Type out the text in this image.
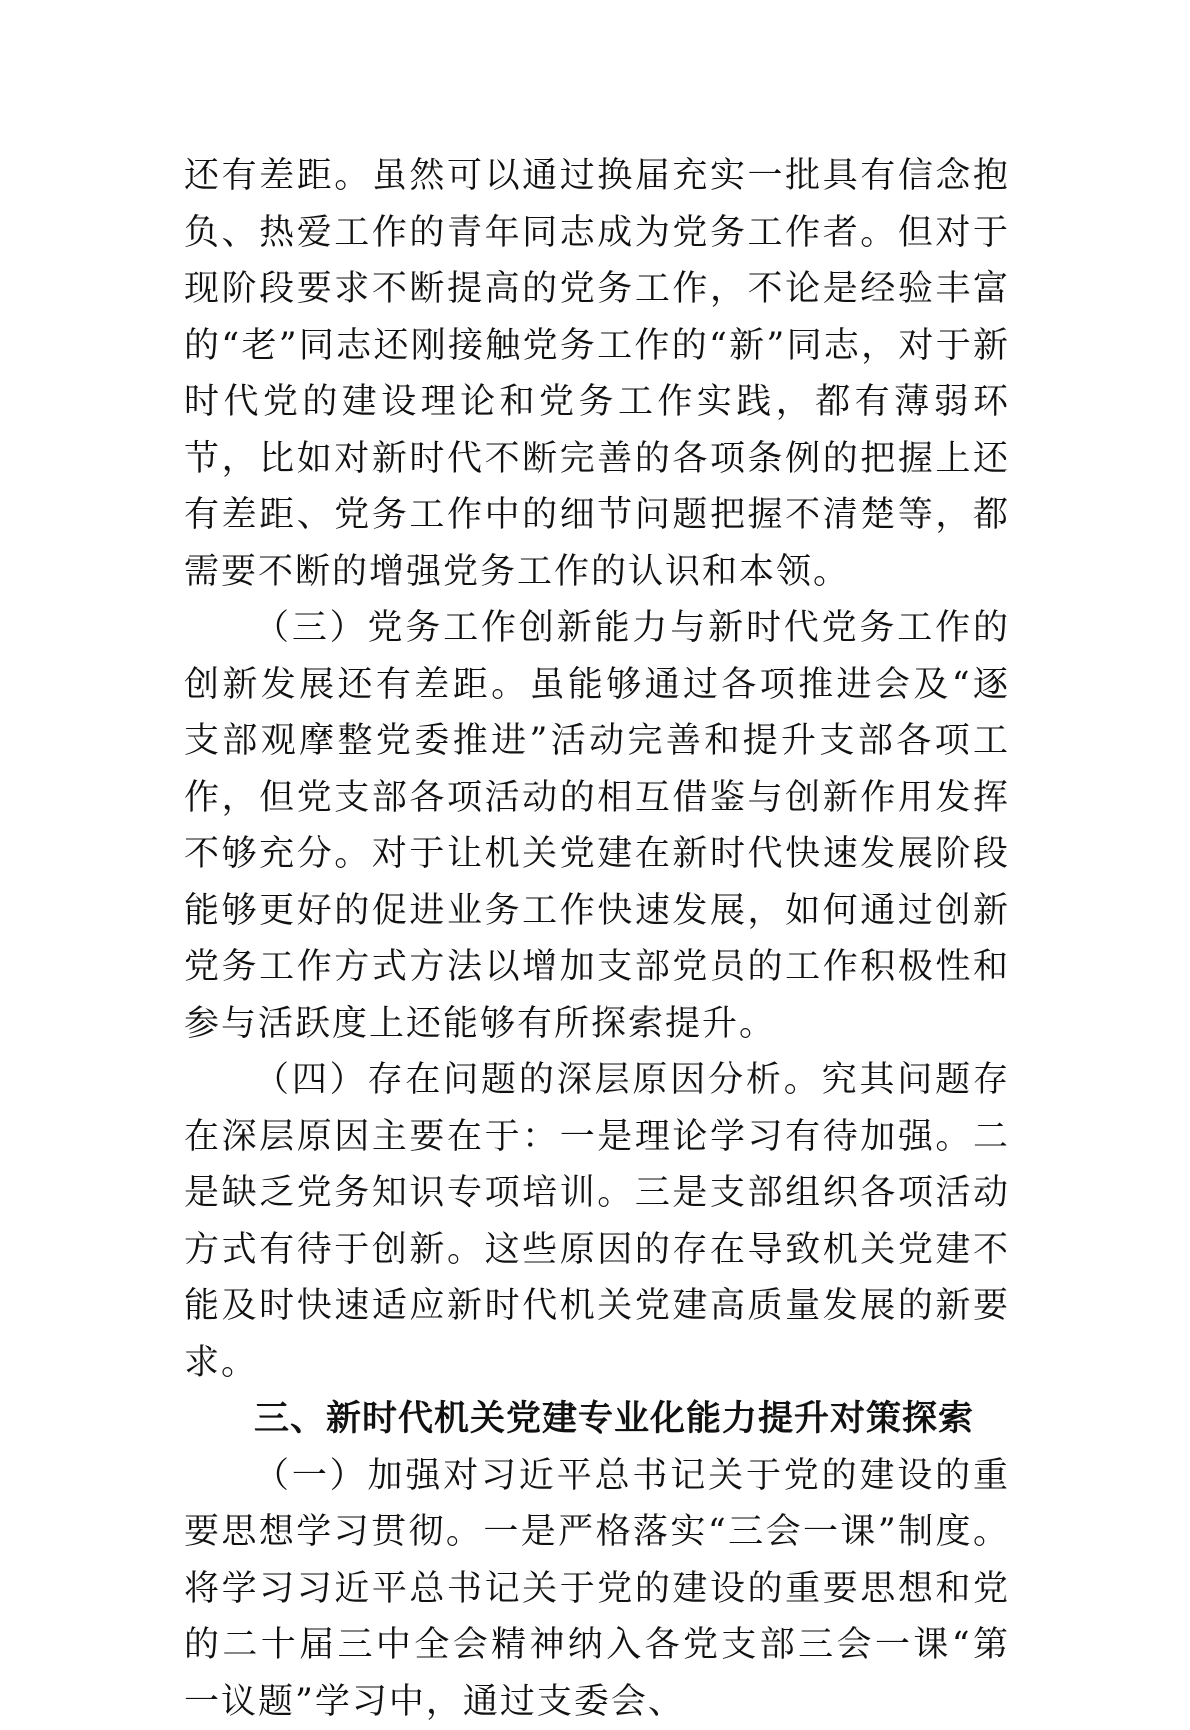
还有差距。虽然可以通过换届充实一批具有信念抱负、热爱工作的青年同志成为党务工作者。但对于现阶段要求不断提高的党务工作，不论是经验丰富的“老”同志还刚接触党务工作的“新”同志，对于新时代党的建设理论和党务工作实践，都有薄弱环节，比如对新时代不断完善的各项条例的把握上还有差距、党务工作中的细节问题把握不清楚等，都需要不断的增强党务工作的认识和本领。

（三）党务工作创新能力与新时代党务工作的创新发展还有差距。虽能够通过各项推进会及“逐支部观摩整党委推进”活动完善和提升支部各项工作，但党支部各项活动的相互借鉴与创新作用发挥不够充分。对于让机关党建在新时代快速发展阶段能够更好的促进业务工作快速发展，如何通过创新党务工作方式方法以增加支部党员的工作积极性和参与活跃度上还能够有所探索提升。

（四）存在问题的深层原因分析。究其问题存在深层原因主要在于：一是理论学习有待加强。二是缺乏党务知识专项培训。三是支部组织各项活动方式有待于创新。这些原因的存在导致机关党建不能及时快速适应新时代机关党建高质量发展的新要求。

三、新时代机关党建专业化能力提升对策探索

（一）加强对习近平总书记关于党的建设的重要思想学习贯彻。一是严格落实“三会一课”制度。将学习习近平总书记关于党的建设的重要思想和党的二十届三中全会精神纳入各党支部三会一课“第一议题”学习中，通过支委会、
